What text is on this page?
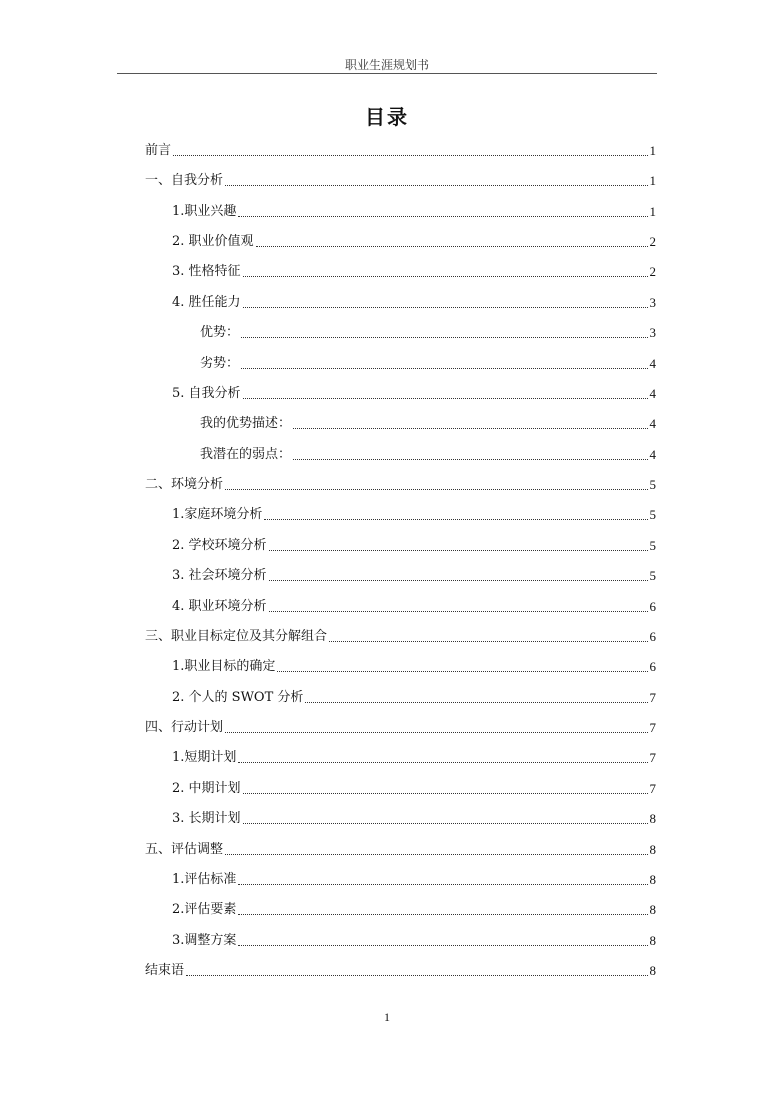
职业生涯规划书
目录
前言	1
一、自我分析	1
1.职业兴趣	1
2. 职业价值观	2
3. 性格特征	2
4. 胜任能力	3
优势：	3
劣势：	4
5. 自我分析	4
我的优势描述：	4
我潜在的弱点：	4
二、环境分析	5
1.家庭环境分析	5
2. 学校环境分析	5
3. 社会环境分析	5
4. 职业环境分析	6
三、职业目标定位及其分解组合	6
1.职业目标的确定	6
2. 个人的 SWOT 分析	7
四、行动计划	7
1.短期计划	7
2. 中期计划	7
3. 长期计划	8
五、评估调整	8
1.评估标准	8
2.评估要素	8
3.调整方案	8
结束语	8
1
